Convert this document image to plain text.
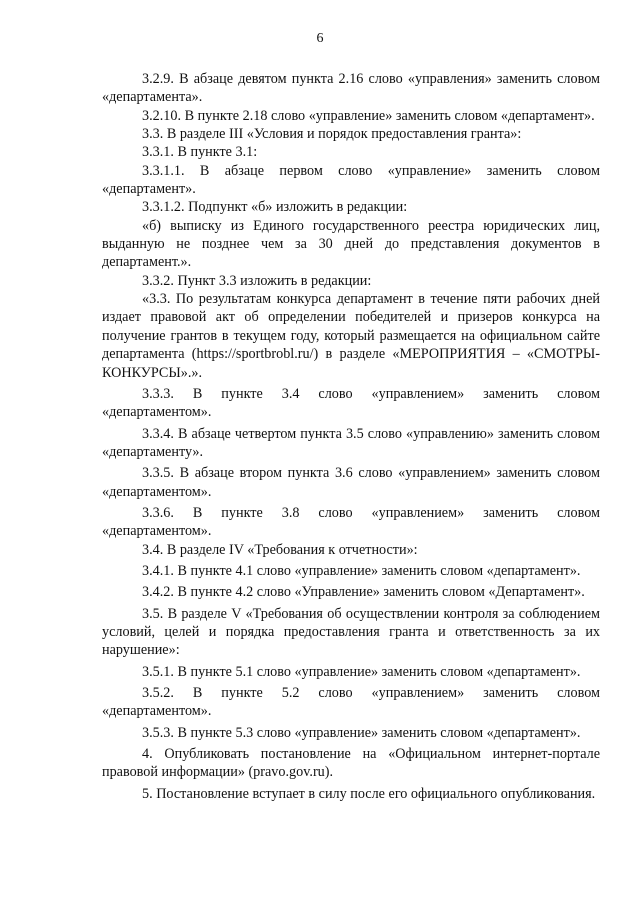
6

3.2.9. В абзаце девятом пункта 2.16 слово «управления» заменить словом «департамента».

3.2.10. В пункте 2.18 слово «управление» заменить словом «департамент».

3.3. В разделе III «Условия и порядок предоставления гранта»:

3.3.1. В пункте 3.1:

3.3.1.1. В абзаце первом слово «управление» заменить словом «департамент».

3.3.1.2. Подпункт «б» изложить в редакции:

«б) выписку из Единого государственного реестра юридических лиц, выданную не позднее чем за 30 дней до представления документов в департамент.».

3.3.2. Пункт 3.3 изложить в редакции:

«3.3. По результатам конкурса департамент в течение пяти рабочих дней издает правовой акт об определении победителей и призеров конкурса на получение грантов в текущем году, который размещается на официальном сайте департамента (https://sportbrobl.ru/) в разделе «МЕРОПРИЯТИЯ – «СМОТРЫ-КОНКУРСЫ».».

3.3.3. В пункте 3.4 слово «управлением» заменить словом «департаментом».

3.3.4. В абзаце четвертом пункта 3.5 слово «управлению» заменить словом «департаменту».

3.3.5. В абзаце втором пункта 3.6 слово «управлением» заменить словом «департаментом».

3.3.6. В пункте 3.8 слово «управлением» заменить словом «департаментом».

3.4. В разделе IV «Требования к отчетности»:

3.4.1. В пункте 4.1 слово «управление» заменить словом «департамент».

3.4.2. В пункте 4.2 слово «Управление» заменить словом «Департамент».

3.5. В разделе V «Требования об осуществлении контроля за соблюдением условий, целей и порядка предоставления гранта и ответственность за их нарушение»:

3.5.1. В пункте 5.1 слово «управление» заменить словом «департамент».

3.5.2. В пункте 5.2 слово «управлением» заменить словом «департаментом».

3.5.3. В пункте 5.3 слово «управление» заменить словом «департамент».

4. Опубликовать постановление на «Официальном интернет-портале правовой информации» (pravo.gov.ru).

5. Постановление вступает в силу после его официального опубликования.
